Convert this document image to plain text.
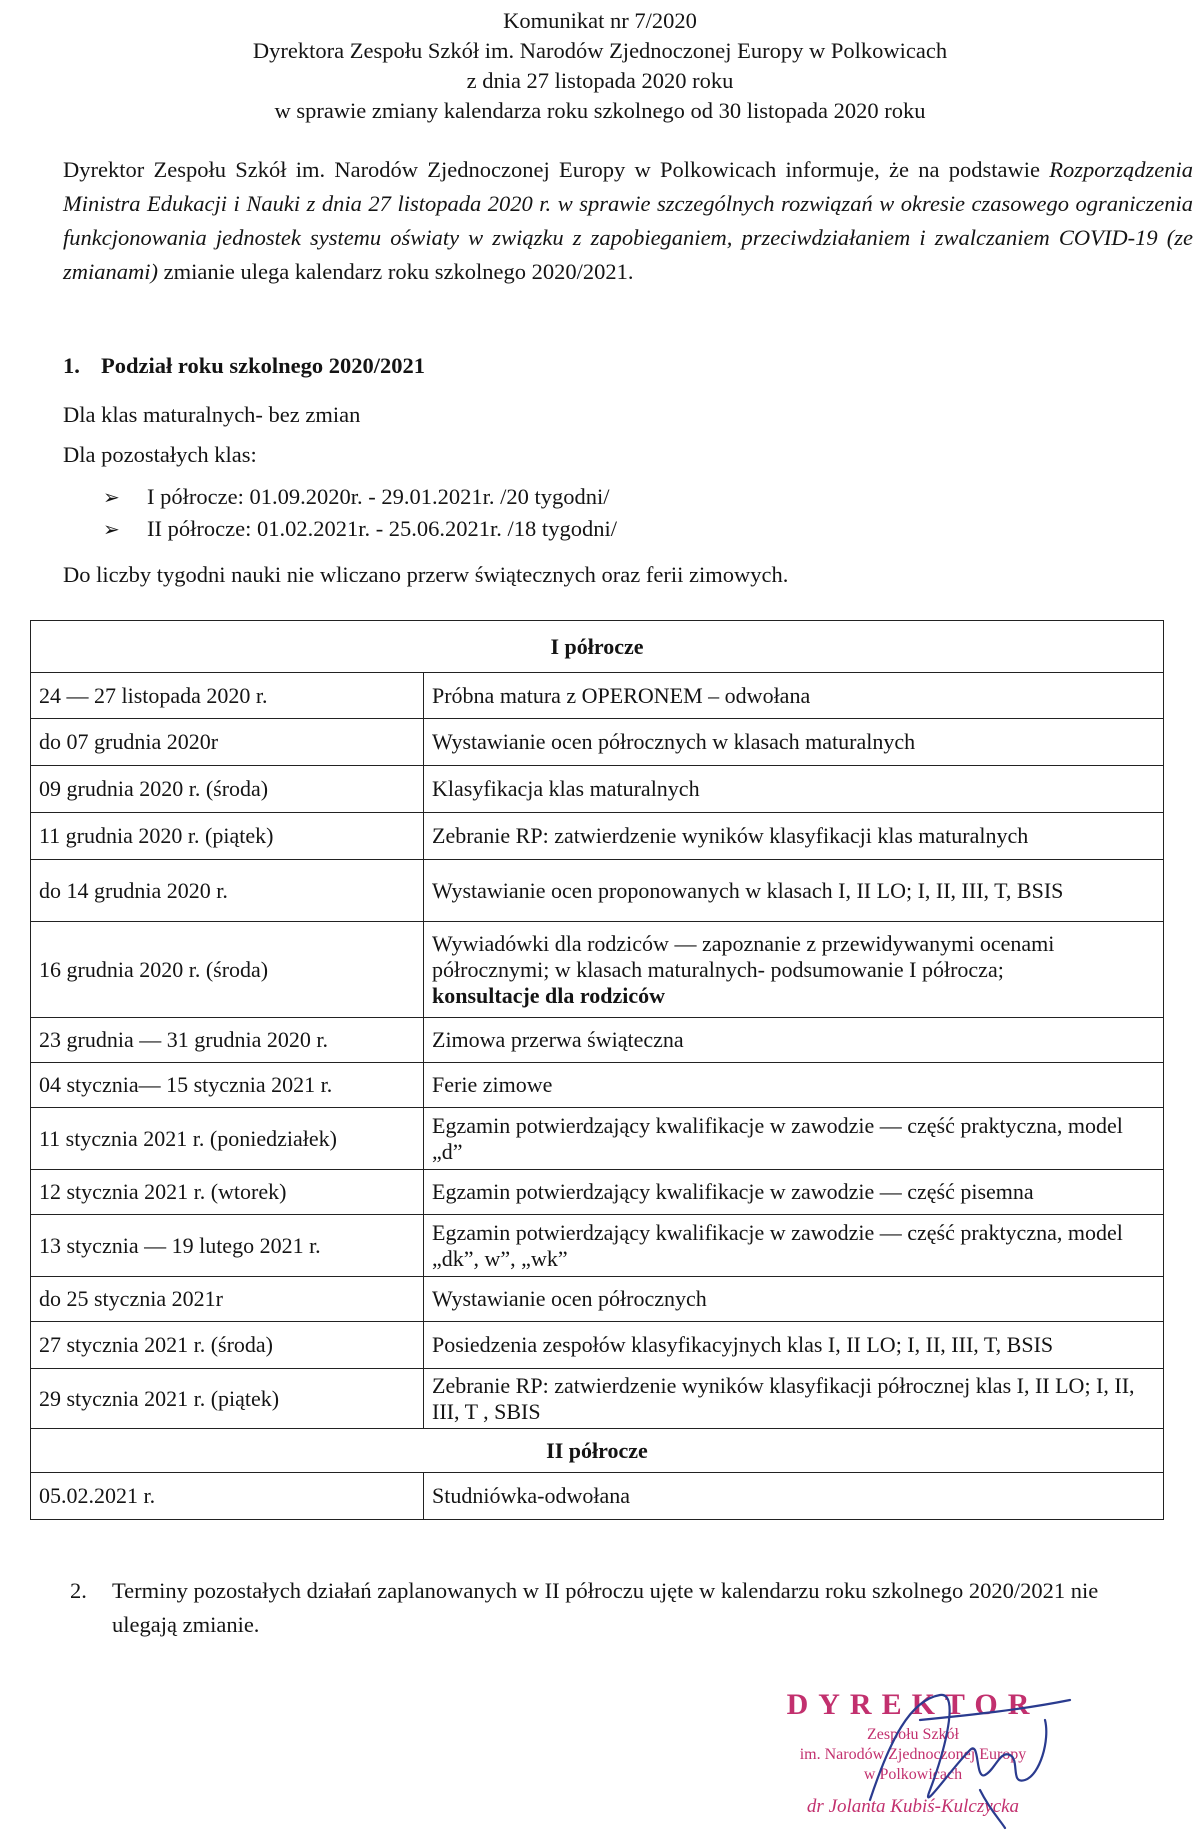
Komunikat nr 7/2020
Dyrektora Zespołu Szkół im. Narodów Zjednoczonej Europy w Polkowicach
z dnia 27 listopada 2020 roku
w sprawie zmiany kalendarza roku szkolnego od 30 listopada 2020 roku
Dyrektor Zespołu Szkół im. Narodów Zjednoczonej Europy w Polkowicach informuje, że na podstawie Rozporządzenia Ministra Edukacji i Nauki z dnia 27 listopada 2020 r. w sprawie szczególnych rozwiązań w okresie czasowego ograniczenia funkcjonowania jednostek systemu oświaty w związku z zapobieganiem, przeciwdziałaniem i zwalczaniem COVID-19 (ze zmianami) zmianie ulega kalendarz roku szkolnego 2020/2021.
1. Podział roku szkolnego 2020/2021
Dla klas maturalnych- bez zmian
Dla pozostałych klas:
➢ I półrocze: 01.09.2020r. - 29.01.2021r. /20 tygodni/
➢ II półrocze: 01.02.2021r. - 25.06.2021r. /18 tygodni/
Do liczby tygodni nauki nie wliczano przerw świątecznych oraz ferii zimowych.
I półrocze	
24 — 27 listopada 2020 r.	Próbna matura z OPERONEM – odwołana
do 07 grudnia 2020r	Wystawianie ocen półrocznych w klasach maturalnych
09 grudnia 2020 r. (środa)	Klasyfikacja klas maturalnych
11 grudnia 2020 r. (piątek)	Zebranie RP: zatwierdzenie wyników klasyfikacji klas maturalnych
do 14 grudnia 2020 r.	Wystawianie ocen proponowanych w klasach I, II LO; I, II, III, T, BSIS
16 grudnia 2020 r. (środa)	Wywiadówki dla rodziców — zapoznanie z przewidywanymi ocenami półrocznymi; w klasach maturalnych- podsumowanie I półrocza;
konsultacje dla rodziców
23 grudnia — 31 grudnia 2020 r.	Zimowa przerwa świąteczna
04 stycznia— 15 stycznia 2021 r.	Ferie zimowe
11 stycznia 2021 r. (poniedziałek)	Egzamin potwierdzający kwalifikacje w zawodzie — część praktyczna, model „d”
12 stycznia 2021 r. (wtorek)	Egzamin potwierdzający kwalifikacje w zawodzie — część pisemna
13 stycznia — 19 lutego 2021 r.	Egzamin potwierdzający kwalifikacje w zawodzie — część praktyczna, model „dk”, w”, „wk”
do 25 stycznia 2021r	Wystawianie ocen półrocznych
27 stycznia 2021 r. (środa)	Posiedzenia zespołów klasyfikacyjnych klas I, II LO; I, II, III, T, BSIS
29 stycznia 2021 r. (piątek)	Zebranie RP: zatwierdzenie wyników klasyfikacji półrocznej klas I, II LO; I, II, III, T , SBIS
II półrocze	
05.02.2021 r.	Studniówka-odwołana
2.	Terminy pozostałych działań zaplanowanych w II półroczu ujęte w kalendarzu roku szkolnego 2020/2021 nie ulegają zmianie.
DYREKTOR
Zespołu Szkół
im. Narodów Zjednoczonej Europy
w Polkowicach
dr Jolanta Kubiś-Kulczycka
